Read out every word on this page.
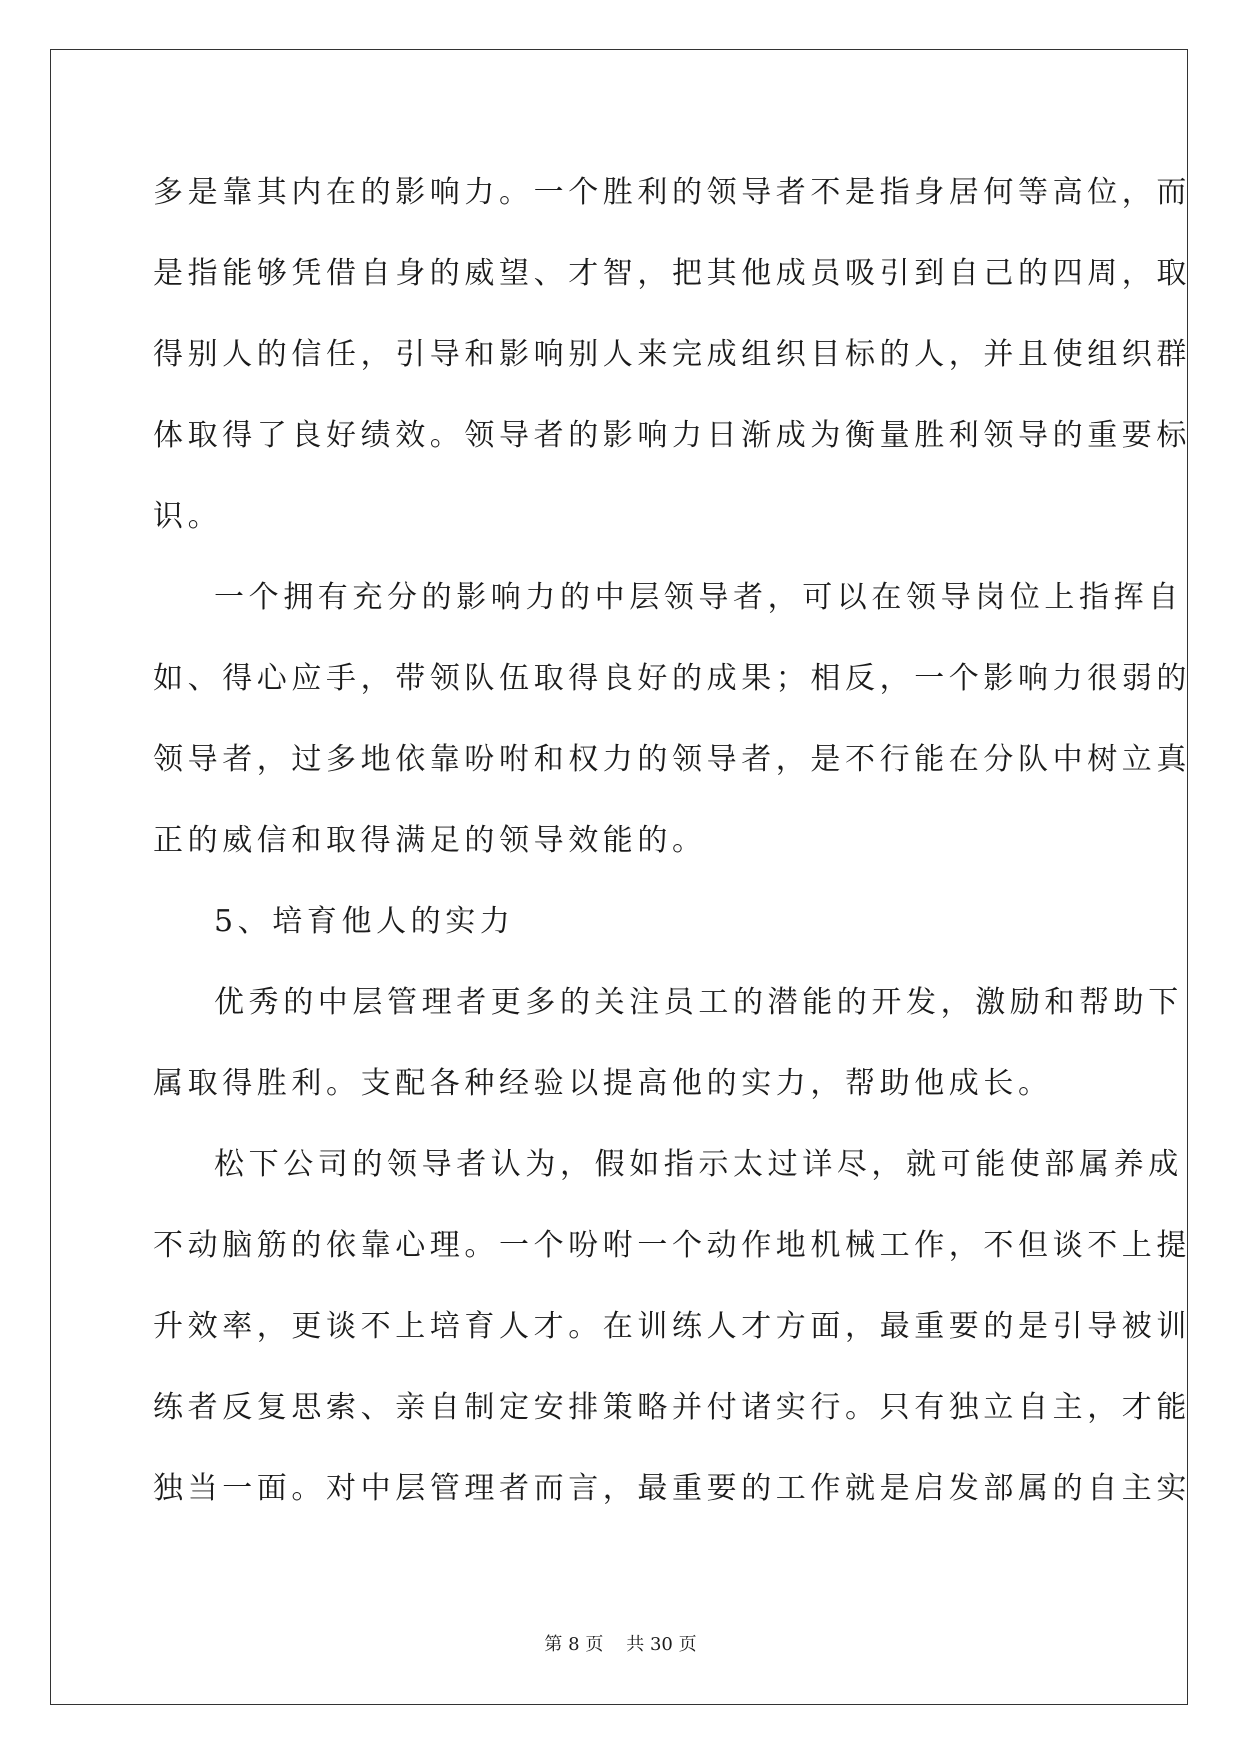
多是靠其内在的影响力。一个胜利的领导者不是指身居何等高位，而
是指能够凭借自身的威望、才智，把其他成员吸引到自己的四周，取
得别人的信任，引导和影响别人来完成组织目标的人，并且使组织群
体取得了良好绩效。领导者的影响力日渐成为衡量胜利领导的重要标
识。
一个拥有充分的影响力的中层领导者，可以在领导岗位上指挥自
如、得心应手，带领队伍取得良好的成果；相反，一个影响力很弱的
领导者，过多地依靠吩咐和权力的领导者，是不行能在分队中树立真
正的威信和取得满足的领导效能的。
5、培育他人的实力
优秀的中层管理者更多的关注员工的潜能的开发，激励和帮助下
属取得胜利。支配各种经验以提高他的实力，帮助他成长。
松下公司的领导者认为，假如指示太过详尽，就可能使部属养成
不动脑筋的依靠心理。一个吩咐一个动作地机械工作，不但谈不上提
升效率，更谈不上培育人才。在训练人才方面，最重要的是引导被训
练者反复思索、亲自制定安排策略并付诸实行。只有独立自主，才能
独当一面。对中层管理者而言，最重要的工作就是启发部属的自主实
第 8 页 共 30 页
